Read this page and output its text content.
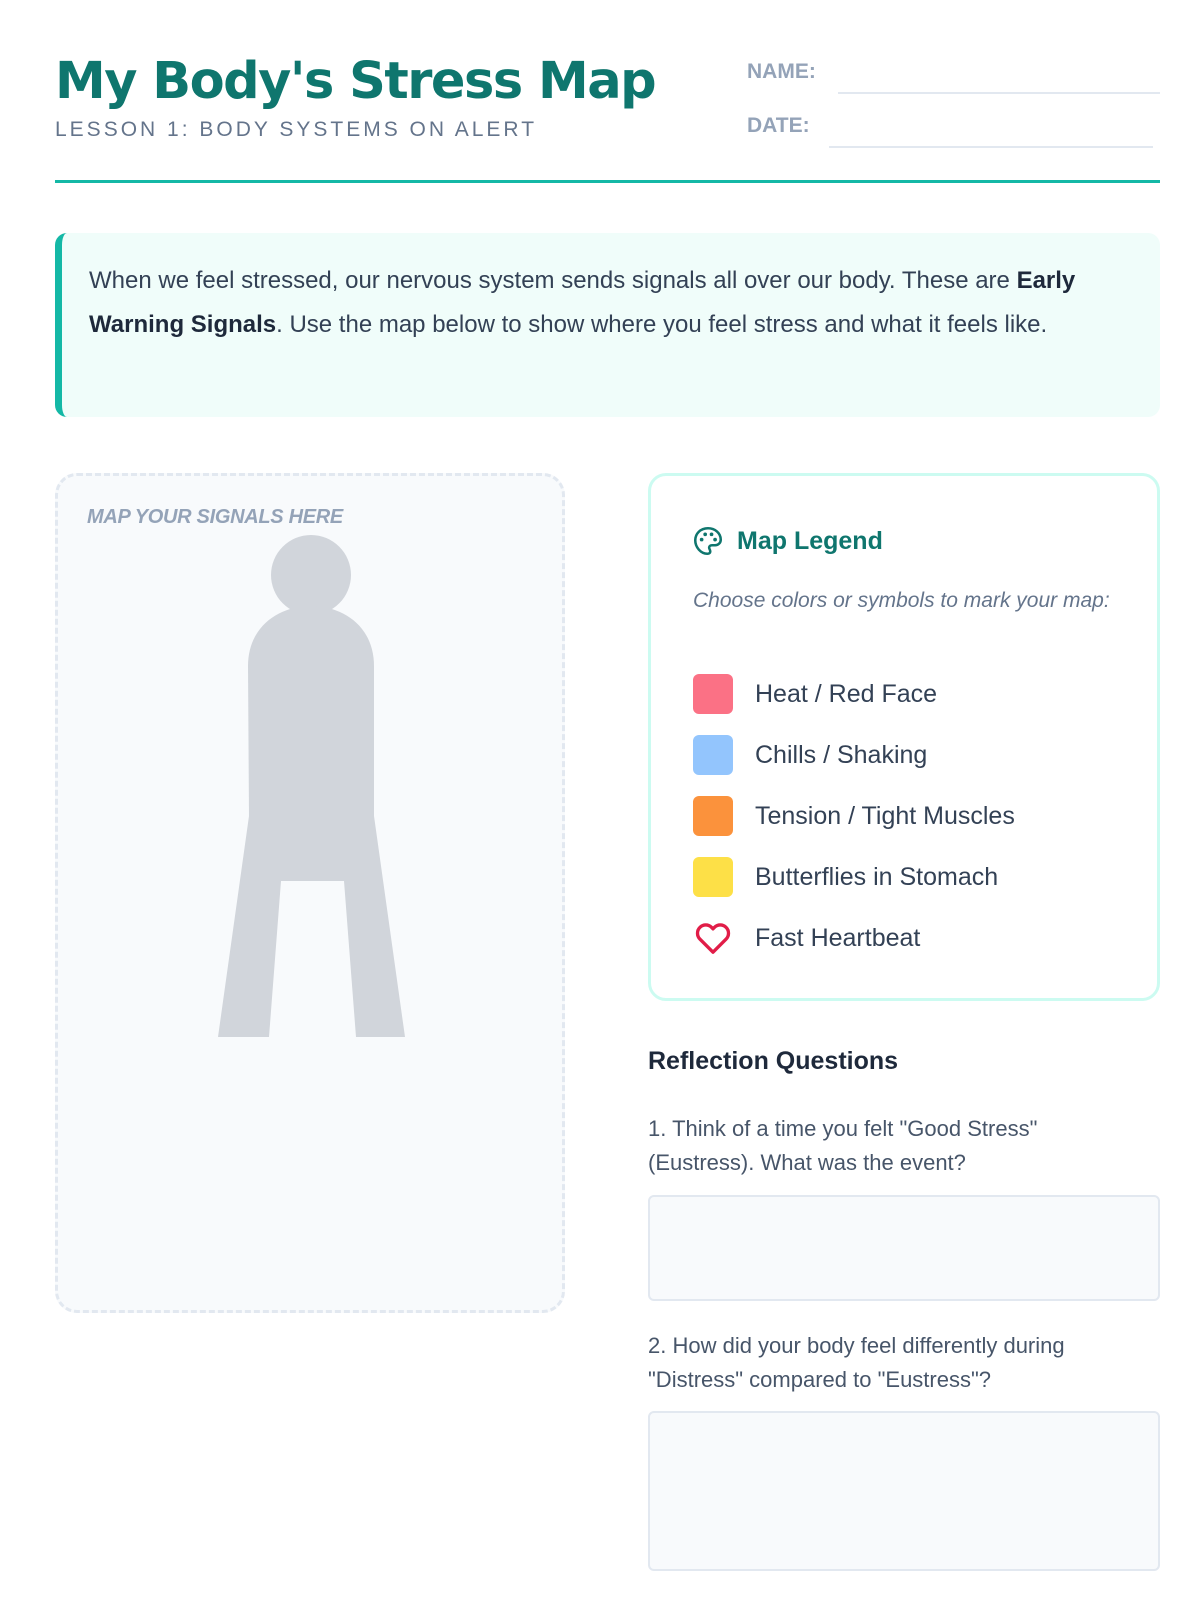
My Body's Stress Map
LESSON 1: BODY SYSTEMS ON ALERT
NAME:
DATE:
When we feel stressed, our nervous system sends signals all over our body. These are Early Warning Signals. Use the map below to show where you feel stress and what it feels like.
MAP YOUR SIGNALS HERE
Map Legend
Choose colors or symbols to mark your map:
Heat / Red Face
Chills / Shaking
Tension / Tight Muscles
Butterflies in Stomach
Fast Heartbeat
Reflection Questions
1. Think of a time you felt "Good Stress" (Eustress). What was the event?
2. How did your body feel differently during "Distress" compared to "Eustress"?
